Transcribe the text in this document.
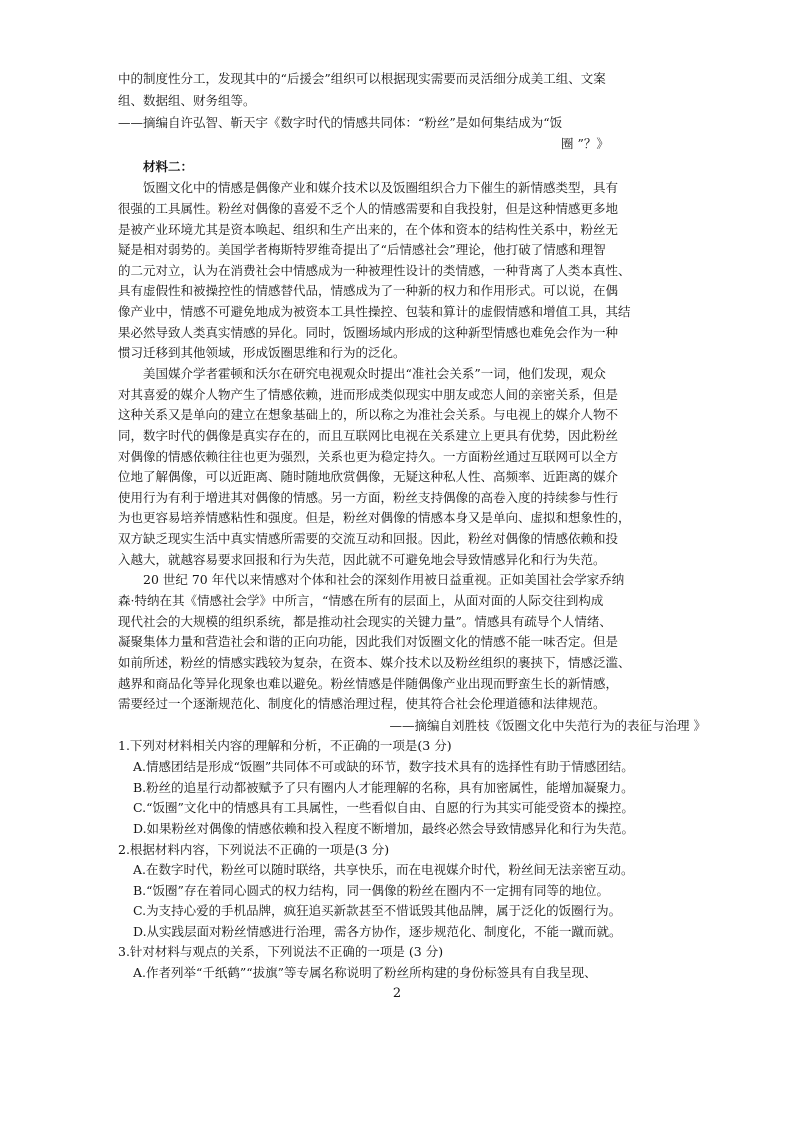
中的制度性分工，发现其中的“后援会”组织可以根据现实需要而灵活细分成美工组、文案
组、数据组、财务组等。
——摘编自许弘智、靳天宇《数字时代的情感共同体：“粉丝”是如何集结成为“饭
圈 ”？》
材料二：
饭圈文化中的情感是偶像产业和媒介技术以及饭圈组织合力下催生的新情感类型，具有
很强的工具属性。粉丝对偶像的喜爱不乏个人的情感需要和自我投射，但是这种情感更多地
是被产业环境尤其是资本唤起、组织和生产出来的，在个体和资本的结构性关系中，粉丝无
疑是相对弱势的。美国学者梅斯特罗维奇提出了“后情感社会”理论，他打破了情感和理智
的二元对立，认为在消费社会中情感成为一种被理性设计的类情感，一种背离了人类本真性、
具有虚假性和被操控性的情感替代品，情感成为了一种新的权力和作用形式。可以说，在偶
像产业中，情感不可避免地成为被资本工具性操控、包装和算计的虚假情感和增值工具，其结
果必然导致人类真实情感的异化。同时，饭圈场域内形成的这种新型情感也难免会作为一种
惯习迁移到其他领域，形成饭圈思维和行为的泛化。
美国媒介学者霍顿和沃尔在研究电视观众时提出“准社会关系”一词，他们发现，观众
对其喜爱的媒介人物产生了情感依赖，进而形成类似现实中朋友或恋人间的亲密关系，但是
这种关系又是单向的建立在想象基础上的，所以称之为准社会关系。与电视上的媒介人物不
同，数字时代的偶像是真实存在的，而且互联网比电视在关系建立上更具有优势，因此粉丝
对偶像的情感依赖往往也更为强烈，关系也更为稳定持久。一方面粉丝通过互联网可以全方
位地了解偶像，可以近距离、随时随地欣赏偶像，无疑这种私人性、高频率、近距离的媒介
使用行为有利于增进其对偶像的情感。另一方面，粉丝支持偶像的高卷入度的持续参与性行
为也更容易培养情感粘性和强度。但是，粉丝对偶像的情感本身又是单向、虚拟和想象性的，
双方缺乏现实生活中真实情感所需要的交流互动和回报。因此，粉丝对偶像的情感依赖和投
入越大，就越容易要求回报和行为失范，因此就不可避免地会导致情感异化和行为失范。
20 世纪 70 年代以来情感对个体和社会的深刻作用被日益重视。正如美国社会学家乔纳
森·特纳在其《情感社会学》中所言，“情感在所有的层面上，从面对面的人际交往到构成
现代社会的大规模的组织系统，都是推动社会现实的关键力量”。情感具有疏导个人情绪、
凝聚集体力量和营造社会和谐的正向功能，因此我们对饭圈文化的情感不能一味否定。但是
如前所述，粉丝的情感实践较为复杂，在资本、媒介技术以及粉丝组织的裹挟下，情感泛滥、
越界和商品化等异化现象也难以避免。粉丝情感是伴随偶像产业出现而野蛮生长的新情感，
需要经过一个逐渐规范化、制度化的情感治理过程，使其符合社会伦理道德和法律规范。
——摘编自刘胜枝《饭圈文化中失范行为的表征与治理 》
1.下列对材料相关内容的理解和分析，不正确的一项是(3 分)
A.情感团结是形成“饭圈”共同体不可或缺的环节，数字技术具有的选择性有助于情感团结。
B.粉丝的追星行动都被赋予了只有圈内人才能理解的名称，具有加密属性，能增加凝聚力。
C.“饭圈”文化中的情感具有工具属性，一些看似自由、自愿的行为其实可能受资本的操控。
D.如果粉丝对偶像的情感依赖和投入程度不断增加，最终必然会导致情感异化和行为失范。
2.根据材料内容，下列说法不正确的一项是(3 分)
2
A.在数字时代，粉丝可以随时联络，共享快乐，而在电视媒介时代，粉丝间无法亲密互动。
B.“饭圈”存在着同心圆式的权力结构，同一偶像的粉丝在圈内不一定拥有同等的地位。
C.为支持心爱的手机品牌，疯狂追买新款甚至不惜诋毁其他品牌，属于泛化的饭圈行为。
D.从实践层面对粉丝情感进行治理，需各方协作，逐步规范化、制度化，不能一蹴而就。
3.针对材料与观点的关系，下列说法不正确的一项是 (3 分)
A.作者列举“千纸鹤”“拔旗”等专属名称说明了粉丝所构建的身份标签具有自我呈现、
